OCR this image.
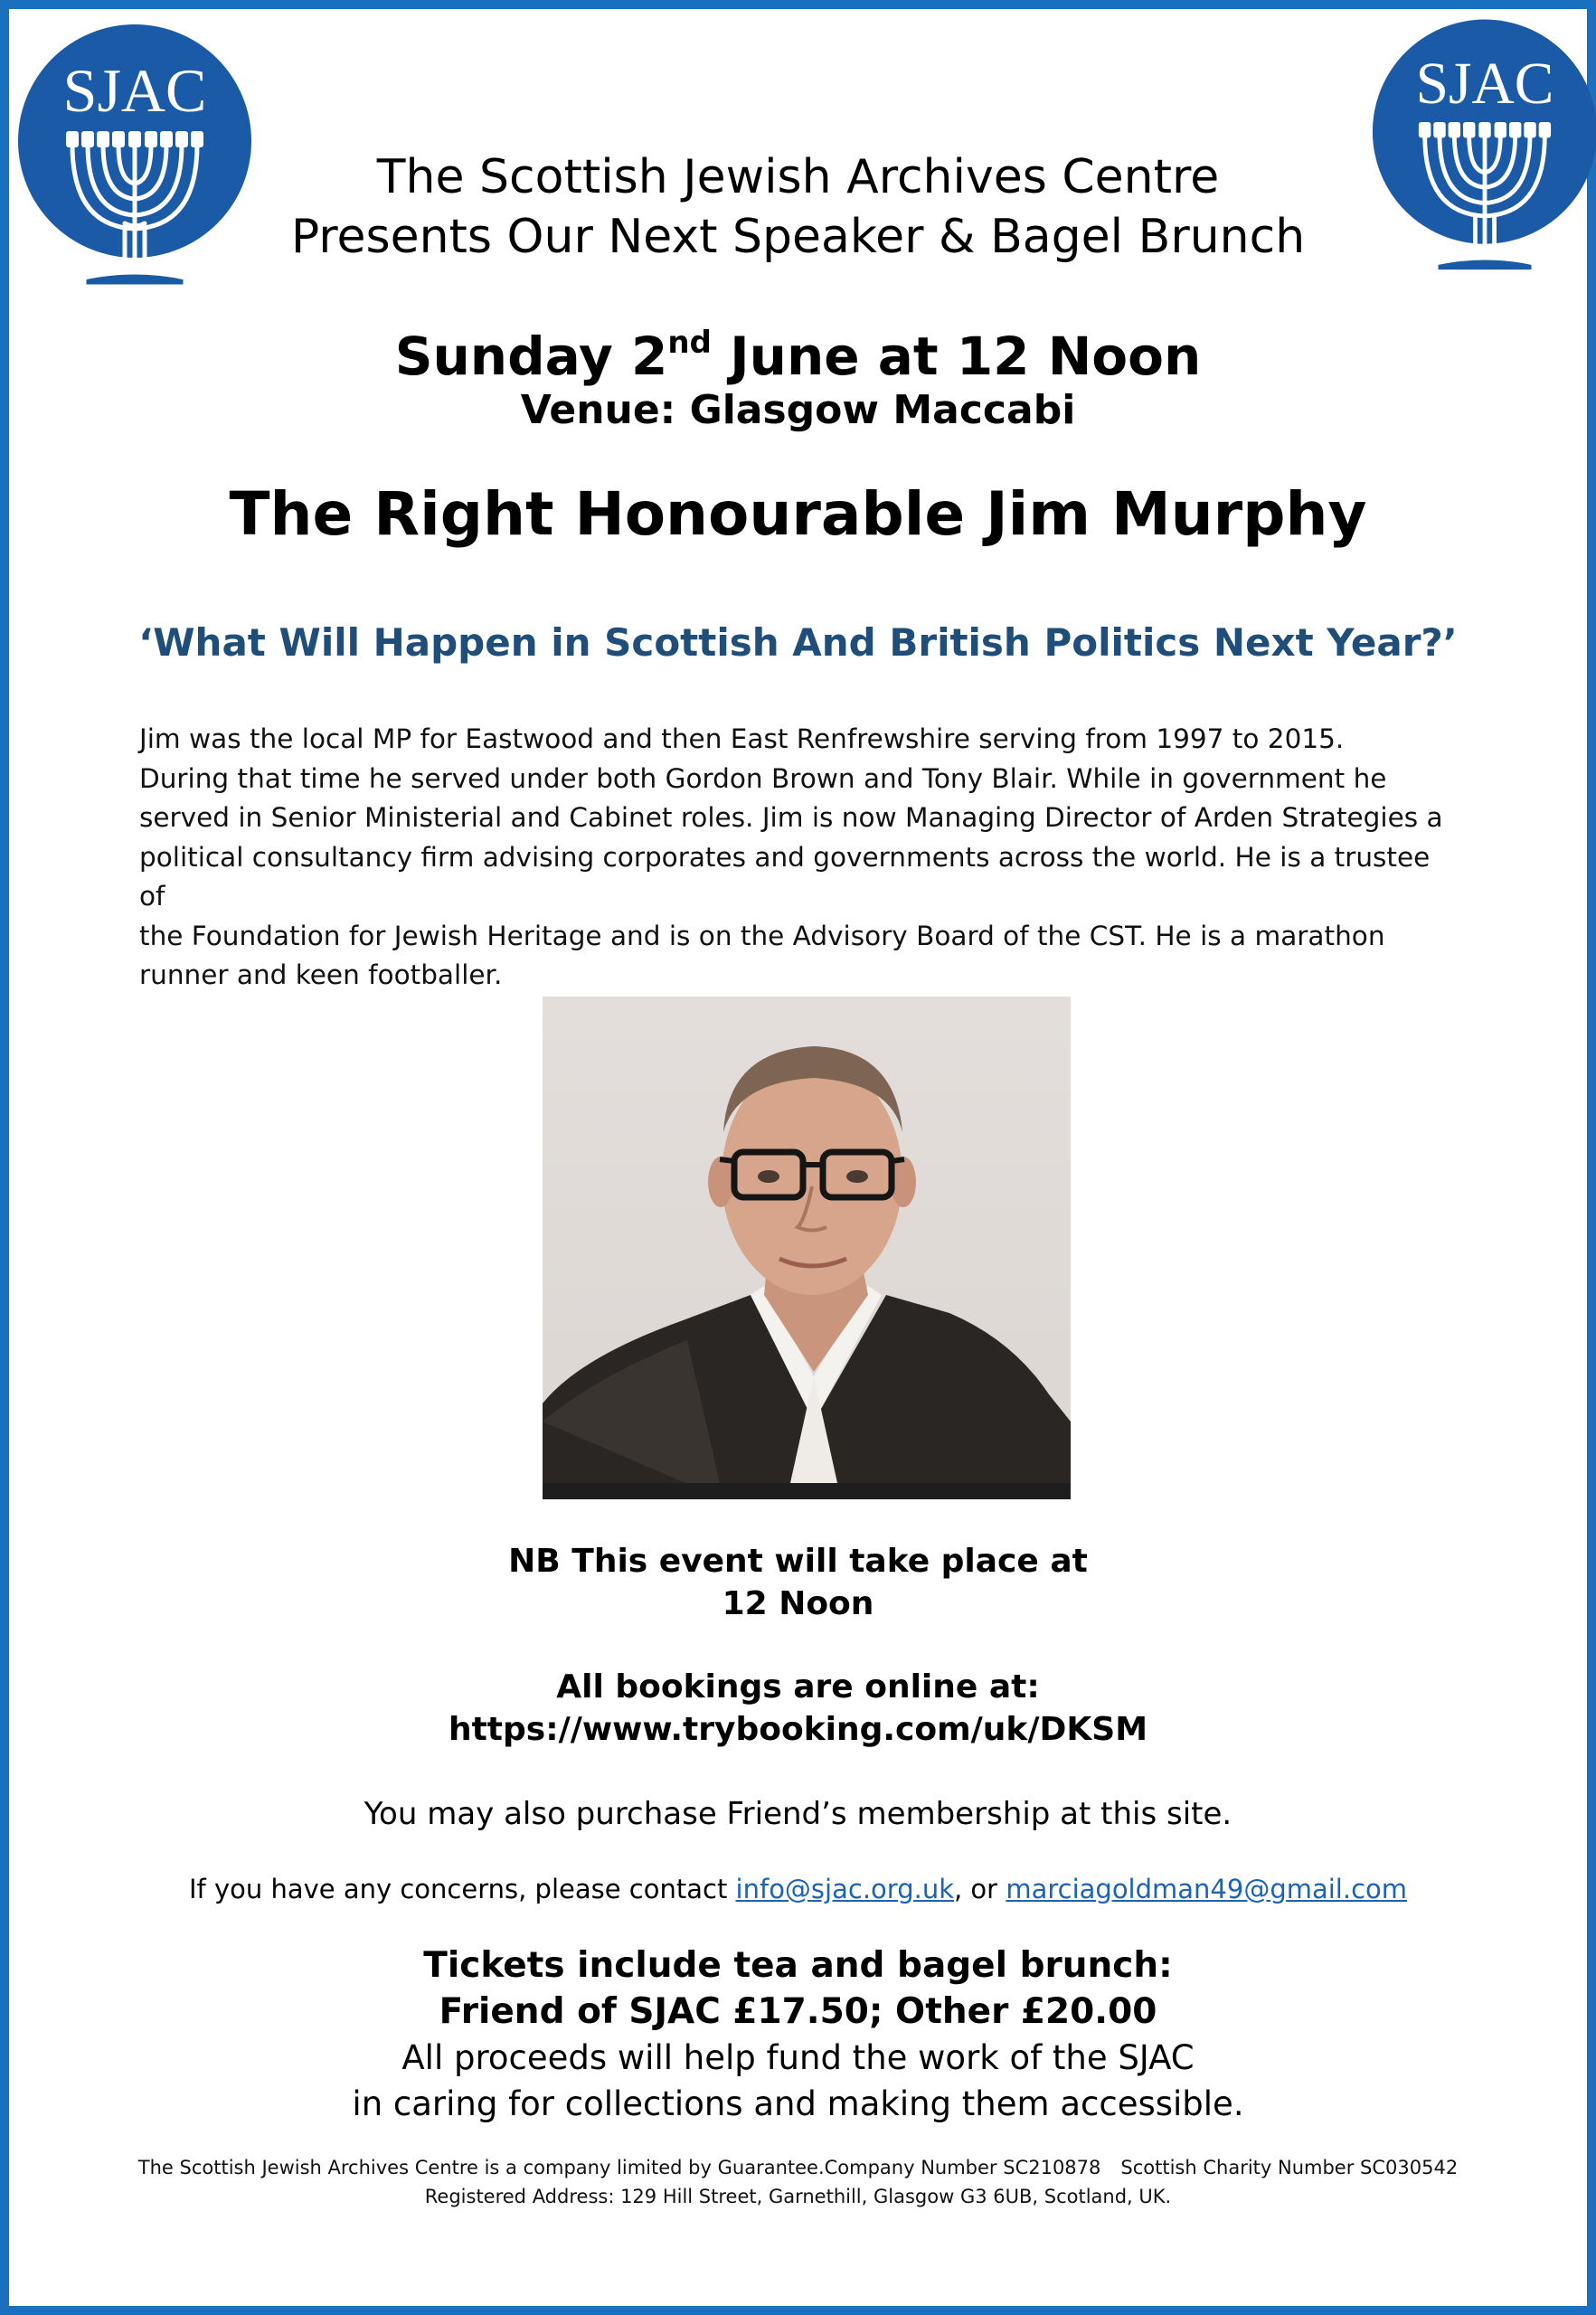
SJAC	SJAC
The Scottish Jewish Archives Centre
Presents Our Next Speaker & Bagel Brunch
Sunday 2nd June at 12 Noon
Venue: Glasgow Maccabi
The Right Honourable Jim Murphy
‘What Will Happen in Scottish And British Politics Next Year?’

Jim was the local MP for Eastwood and then East Renfrewshire serving from 1997 to 2015.

During that time he served under both Gordon Brown and Tony Blair. While in government he

served in Senior Ministerial and Cabinet roles. Jim is now Managing Director of Arden Strategies a

political consultancy firm advising corporates and governments across the world. He is a trustee of

the Foundation for Jewish Heritage and is on the Advisory Board of the CST. He is a marathon

runner and keen footballer.

NB This event will take place at
12 Noon
All bookings are online at:
https://www.trybooking.com/uk/DKSM
You may also purchase Friend’s membership at this site.
If you have any concerns, please contact info@sjac.org.uk, or marciagoldman49@gmail.com
Tickets include tea and bagel brunch:
Friend of SJAC £17.50; Other £20.00
All proceeds will help fund the work of the SJAC
in caring for collections and making them accessible.
The Scottish Jewish Archives Centre is a company limited by Guarantee.Company Number SC210878 Scottish Charity Number SC030542
Registered Address: 129 Hill Street, Garnethill, Glasgow G3 6UB, Scotland, UK.
